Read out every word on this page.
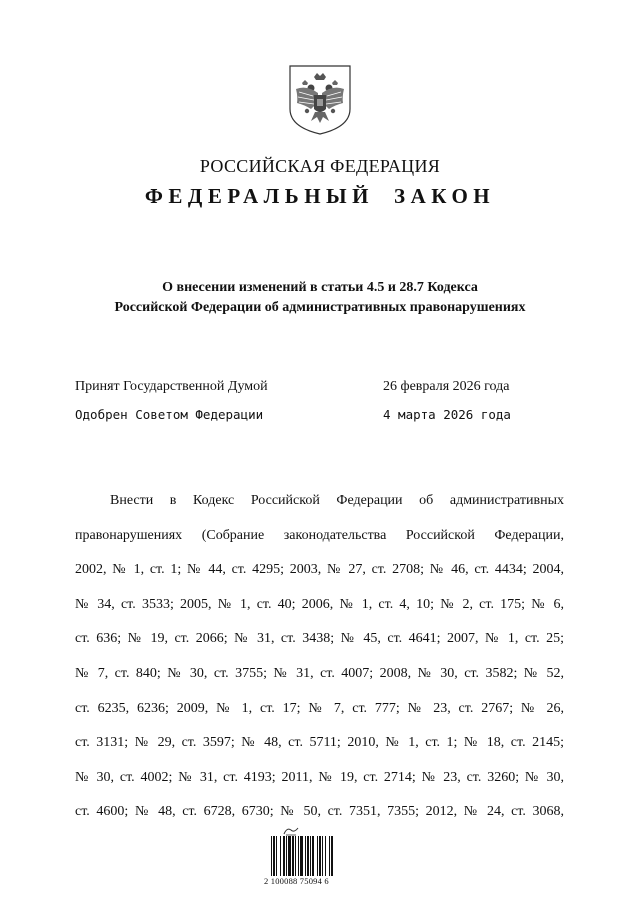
РОССИЙСКАЯ ФЕДЕРАЦИЯ
ФЕДЕРАЛЬНЫЙ ЗАКОН
О внесении изменений в статьи 4.5 и 28.7 Кодекса
Российской Федерации об административных правонарушениях
Принят Государственной Думой	26 февраля 2026 года
Одобрен Советом Федерации	4 марта 2026 года
Внести в Кодекс Российской Федерации об административных
правонарушениях (Собрание законодательства Российской Федерации,
2002, № 1, ст. 1; № 44, ст. 4295; 2003, № 27, ст. 2708; № 46, ст. 4434; 2004,
№ 34, ст. 3533; 2005, № 1, ст. 40; 2006, № 1, ст. 4, 10; № 2, ст. 175; № 6,
ст. 636; № 19, ст. 2066; № 31, ст. 3438; № 45, ст. 4641; 2007, № 1, ст. 25;
№ 7, ст. 840; № 30, ст. 3755; № 31, ст. 4007; 2008, № 30, ст. 3582; № 52,
ст. 6235, 6236; 2009, № 1, ст. 17; № 7, ст. 777; № 23, ст. 2767; № 26,
ст. 3131; № 29, ст. 3597; № 48, ст. 5711; 2010, № 1, ст. 1; № 18, ст. 2145;
№ 30, ст. 4002; № 31, ст. 4193; 2011, № 19, ст. 2714; № 23, ст. 3260; № 30,
ст. 4600; № 48, ст. 6728, 6730; № 50, ст. 7351, 7355; 2012, № 24, ст. 3068,
2 100088 75094 6
